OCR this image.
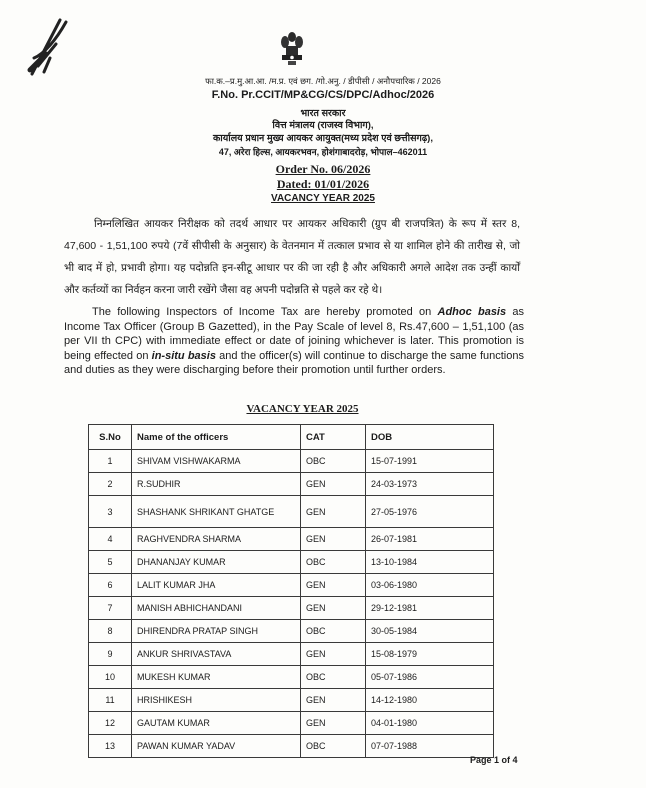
फा.क.–प्र.मु.आ.आ. /म.प्र. एवं छग. /गो.अनु. / डीपीसी / अनौपचारिक / 2026
F.No. Pr.CCIT/MP&CG/CS/DPC/Adhoc/2026
भारत सरकार
वित्त मंत्रालय (राजस्व विभाग),
कार्यालय प्रधान मुख्य आयकर आयुक्त(मध्य प्रदेश एवं छत्तीसगढ़),
47, अरेरा हिल्स, आयकरभवन, होशंगाबादरोड़, भोपाल–462011
Order No. 06/2026
Dated: 01/01/2026
VACANCY YEAR 2025

निम्नलिखित आयकर निरीक्षक को तदर्थ आधार पर आयकर अधिकारी (ग्रुप बी राजपत्रित) के रूप में स्तर 8, 47,600 - 1,51,100 रुपये (7वें सीपीसी के अनुसार) के वेतनमान में तत्काल प्रभाव से या शामिल होने की तारीख से, जो भी बाद में हो, प्रभावी होगा। यह पदोन्नति इन-सीटू आधार पर की जा रही है और अधिकारी अगले आदेश तक उन्हीं कार्यों और कर्तव्यों का निर्वहन करना जारी रखेंगे जैसा वह अपनी पदोन्नति से पहले कर रहे थे।

The following Inspectors of Income Tax are hereby promoted on Adhoc basis as Income Tax Officer (Group B Gazetted), in the Pay Scale of level 8, Rs.47,600 – 1,51,100 (as per VII th CPC) with immediate effect or date of joining whichever is later. This promotion is being effected on in-situ basis and the officer(s) will continue to discharge the same functions and duties as they were discharging before their promotion until further orders.

VACANCY YEAR 2025
S.No	Name of the officers	CAT	DOB
1	SHIVAM VISHWAKARMA	OBC	15-07-1991
2	R.SUDHIR	GEN	24-03-1973
3	SHASHANK SHRIKANT GHATGE	GEN	27-05-1976
4	RAGHVENDRA SHARMA	GEN	26-07-1981
5	DHANANJAY KUMAR	OBC	13-10-1984
6	LALIT KUMAR JHA	GEN	03-06-1980
7	MANISH ABHICHANDANI	GEN	29-12-1981
8	DHIRENDRA PRATAP SINGH	OBC	30-05-1984
9	ANKUR SHRIVASTAVA	GEN	15-08-1979
10	MUKESH KUMAR	OBC	05-07-1986
11	HRISHIKESH	GEN	14-12-1980
12	GAUTAM KUMAR	GEN	04-01-1980
13	PAWAN KUMAR YADAV	OBC	07-07-1988
Page 1 of 4
